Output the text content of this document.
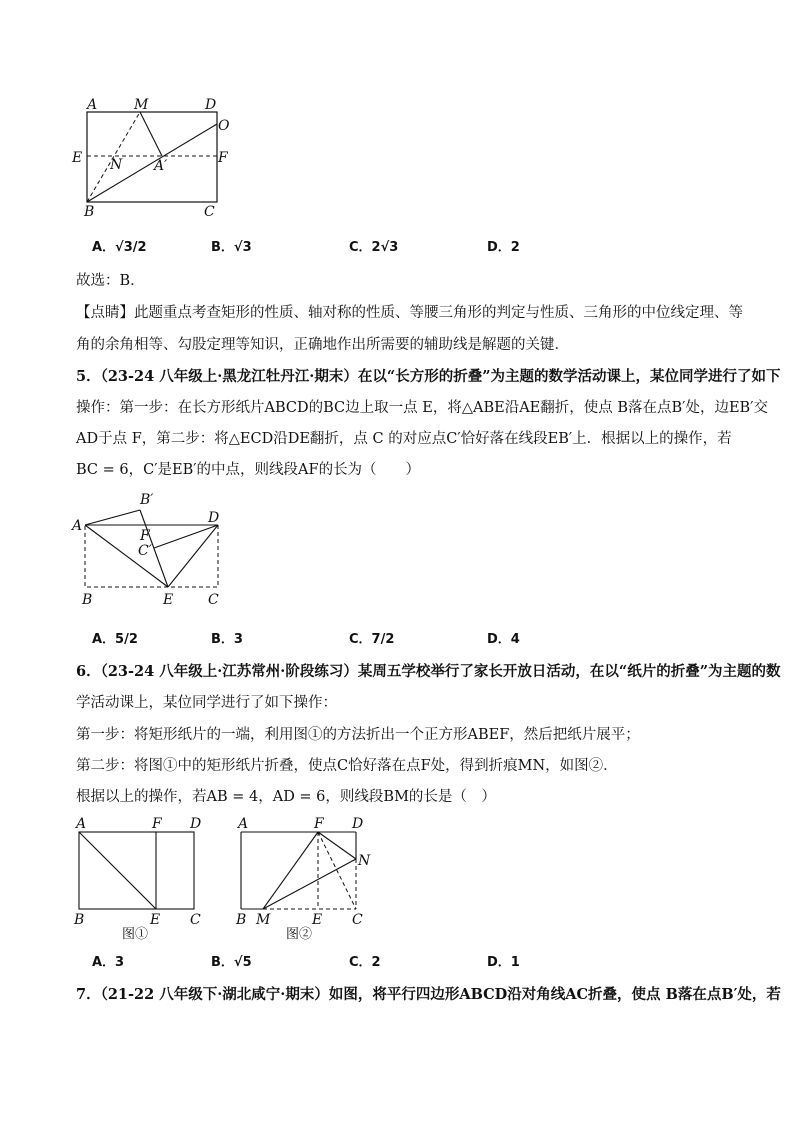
A	M	D
O
E N A′	F
B	C
A．√3/2	B．√3	C．2√3	D．2
故选：B．
【点睛】此题重点考查矩形的性质、轴对称的性质、等腰三角形的判定与性质、三角形的中位线定理、等
角的余角相等、勾股定理等知识，正确地作出所需要的辅助线是解题的关键．
5．（23-24 八年级上·黑龙江牡丹江·期末）在以“长方形的折叠”为主题的数学活动课上，某位同学进行了如下
操作：第一步：在长方形纸片ABCD的BC边上取一点 E，将△ABE沿AE翻折，使点 B落在点B′处，边EB′交
AD于点 F，第二步：将△ECD沿DE翻折，点 C 的对应点C′恰好落在线段EB′上．根据以上的操作，若
BC = 6，C′是EB′的中点，则线段AF的长为（　　）
B′
A	D
F
C′
B	E C
A．5/2	B．3	C．7/2	D．4
6．（23-24 八年级上·江苏常州·阶段练习）某周五学校举行了家长开放日活动，在以“纸片的折叠”为主题的数
学活动课上，某位同学进行了如下操作：
第一步：将矩形纸片的一端，利用图①的方法折出一个正方形ABEF，然后把纸片展平；
第二步：将图①中的矩形纸片折叠，使点C恰好落在点F处，得到折痕MN，如图②．
根据以上的操作，若AB = 4，AD = 6，则线段BM的长是（　）
A	F D
B	E C
图①
A	F D
N
B M	E C
图②
A．3	B．√5	C．2	D．1
7．（21-22 八年级下·湖北咸宁·期末）如图，将平行四边形ABCD沿对角线AC折叠，使点 B落在点B′处，若
